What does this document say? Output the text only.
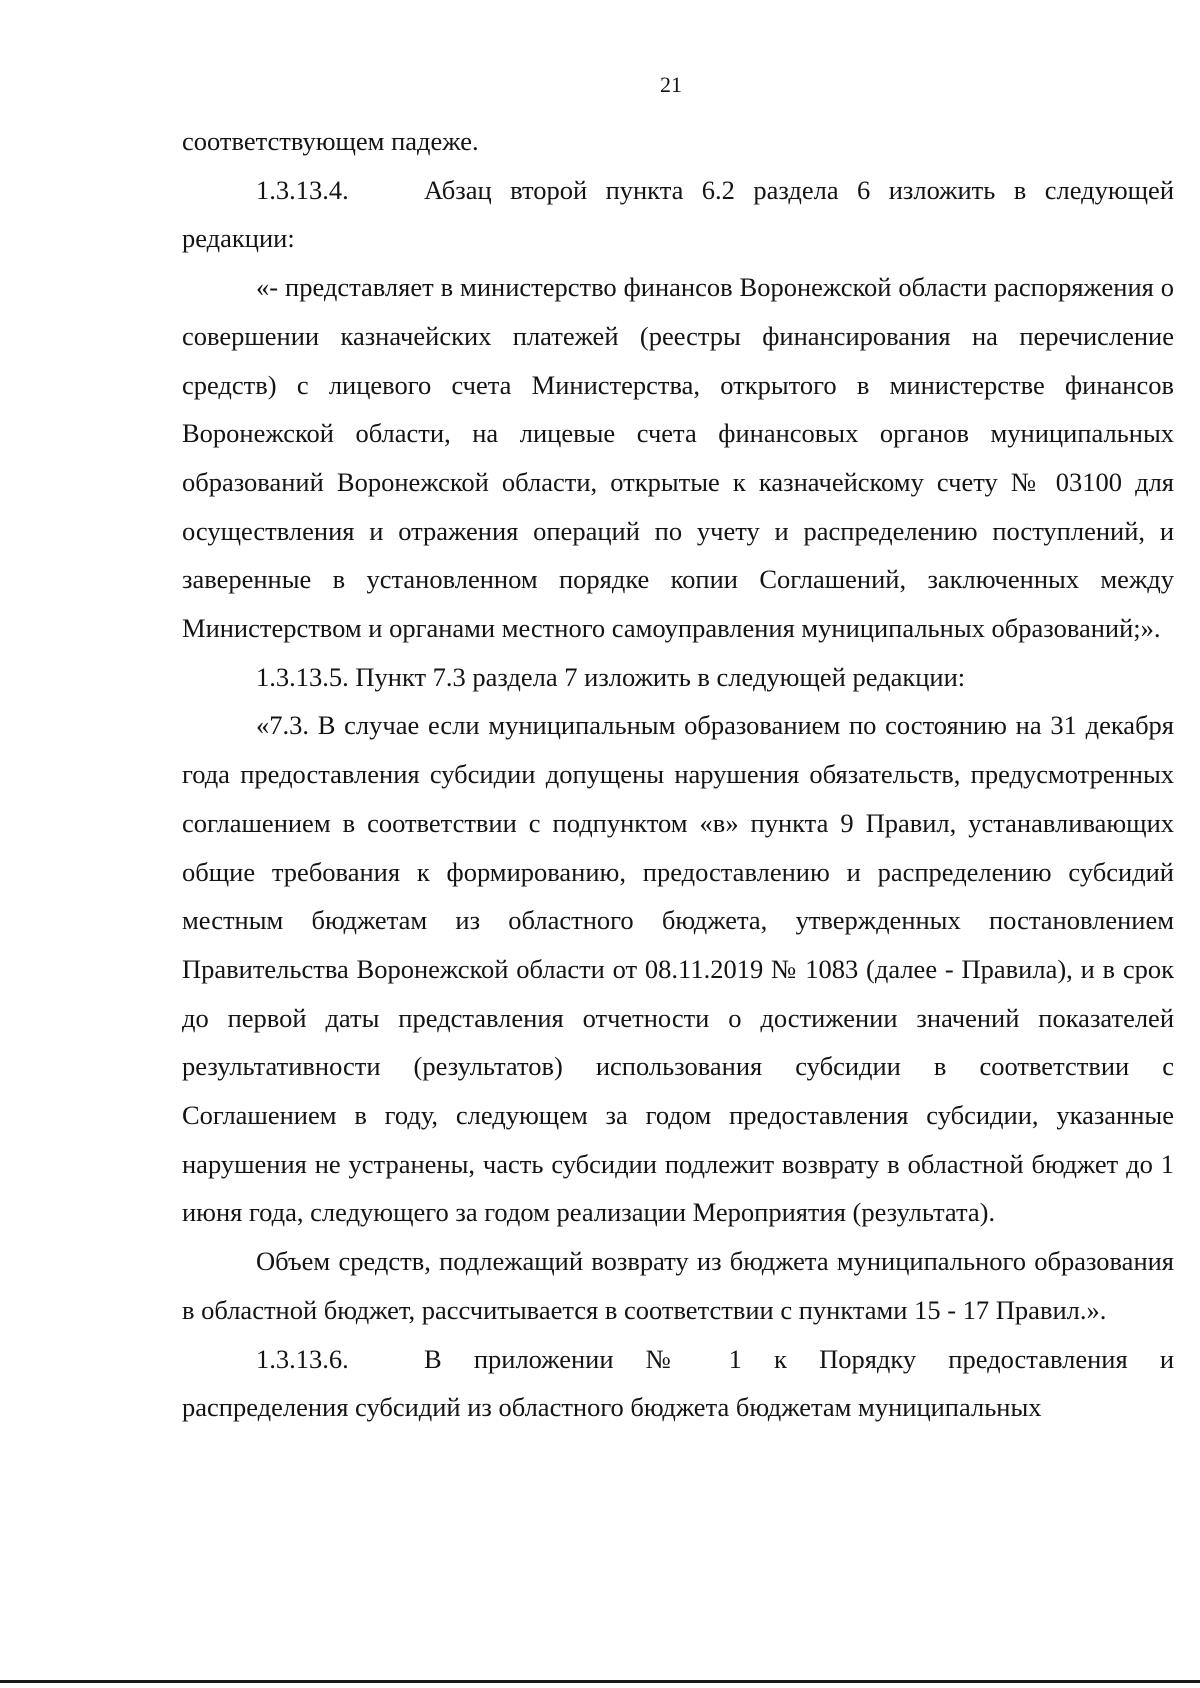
21

соответствующем падеже.

1.3.13.4.	Абзац второй пункта 6.2 раздела 6 изложить в следующей

редакции:

«- представляет в министерство финансов Воронежской области распоряжения о совершении казначейских платежей (реестры финансирования на перечисление средств) с лицевого счета Министерства, открытого в министерстве финансов Воронежской области, на лицевые счета финансовых органов муниципальных образований Воронежской области, открытые к казначейскому счету № 03100 для осуществления и отражения операций по учету и распределению поступлений, и заверенные в установленном порядке копии Соглашений, заключенных между Министерством и органами местного самоуправления муниципальных образований;».

1.3.13.5. Пункт 7.3 раздела 7 изложить в следующей редакции:

«7.3. В случае если муниципальным образованием по состоянию на 31 декабря года предоставления субсидии допущены нарушения обязательств, предусмотренных соглашением в соответствии с подпунктом «в» пункта 9 Правил, устанавливающих общие требования к формированию, предоставлению и распределению субсидий местным бюджетам из областного бюджета, утвержденных постановлением Правительства Воронежской области от 08.11.2019 № 1083 (далее - Правила), и в срок до первой даты представления отчетности о достижении значений показателей результативности (результатов) использования субсидии в соответствии с Соглашением в году, следующем за годом предоставления субсидии, указанные нарушения не устранены, часть субсидии подлежит возврату в областной бюджет до 1 июня года, следующего за годом реализации Мероприятия (результата).

Объем средств, подлежащий возврату из бюджета муниципального образования в областной бюджет, рассчитывается в соответствии с пунктами 15 - 17 Правил.».

1.3.13.6.	В приложении № 1 к Порядку предоставления и

распределения субсидий из областного бюджета бюджетам муниципальных
